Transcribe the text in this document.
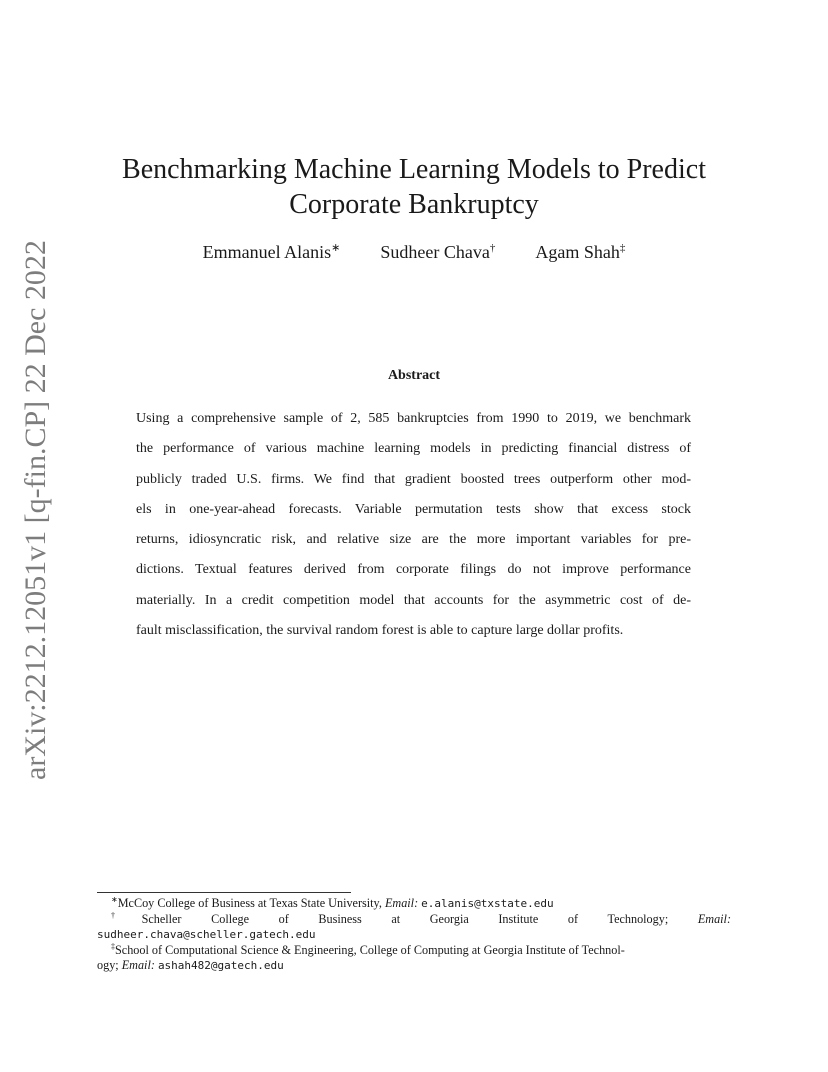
arXiv:2212.12051v1 [q-fin.CP] 22 Dec 2022
Benchmarking Machine Learning Models to Predict
Corporate Bankruptcy
Emmanuel Alanis∗ Sudheer Chava† Agam Shah‡
Abstract
Using a comprehensive sample of 2, 585 bankruptcies from 1990 to 2019, we benchmark
the performance of various machine learning models in predicting financial distress of
publicly traded U.S. firms. We find that gradient boosted trees outperform other mod-
els in one-year-ahead forecasts. Variable permutation tests show that excess stock
returns, idiosyncratic risk, and relative size are the more important variables for pre-
dictions. Textual features derived from corporate filings do not improve performance
materially. In a credit competition model that accounts for the asymmetric cost of de-
fault misclassification, the survival random forest is able to capture large dollar profits.
∗McCoy College of Business at Texas State University, Email: e.alanis@txstate.edu
†Scheller College of Business at Georgia Institute of Technology; Email:
sudheer.chava@scheller.gatech.edu
‡School of Computational Science & Engineering, College of Computing at Georgia Institute of Technol-
ogy; Email: ashah482@gatech.edu
